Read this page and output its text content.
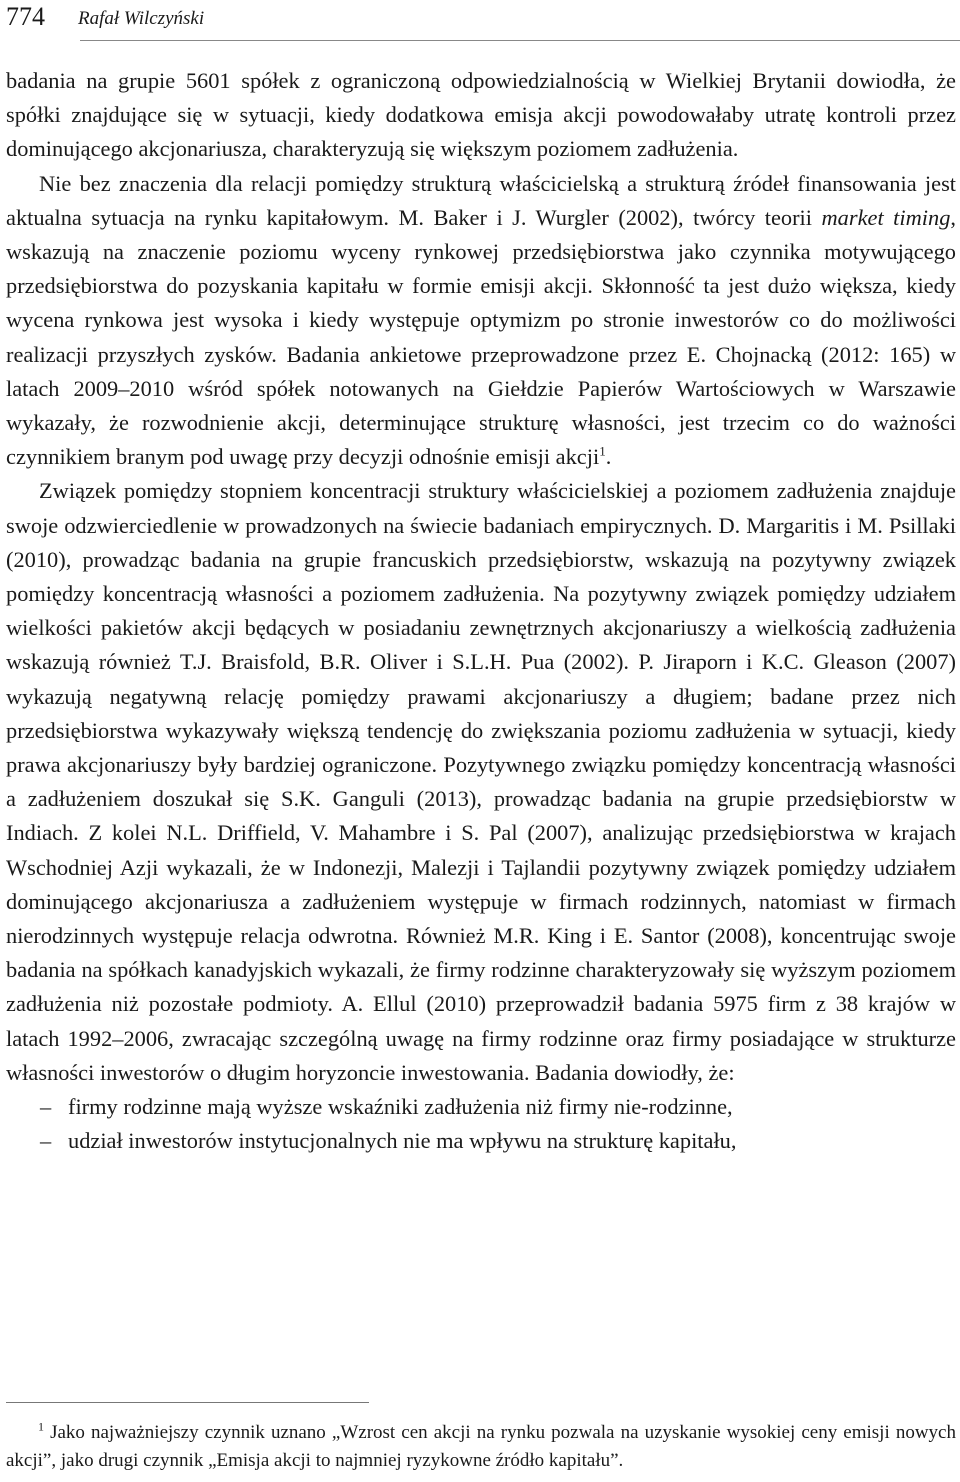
774 Rafał Wilczyński

badania na grupie 5601 spółek z ograniczoną odpowiedzialnością w Wielkiej Brytanii dowiodła, że spółki znajdujące się w sytuacji, kiedy dodatkowa emisja akcji powodowałaby utratę kontroli przez dominującego akcjonariusza, charakteryzują się większym poziomem zadłużenia.

Nie bez znaczenia dla relacji pomiędzy strukturą właścicielską a strukturą źródeł finansowania jest aktualna sytuacja na rynku kapitałowym. M. Baker i J. Wurgler (2002), twórcy teorii market timing, wskazują na znaczenie poziomu wyceny rynkowej przedsiębiorstwa jako czynnika motywującego przedsiębiorstwa do pozyskania kapitału w formie emisji akcji. Skłonność ta jest dużo większa, kiedy wycena rynkowa jest wysoka i kiedy występuje optymizm po stronie inwestorów co do możliwości realizacji przyszłych zysków. Badania ankietowe przeprowadzone przez E. Chojnacką (2012: 165) w latach 2009–2010 wśród spółek notowanych na Giełdzie Papierów Wartościowych w Warszawie wykazały, że rozwodnienie akcji, determinujące strukturę własności, jest trzecim co do ważności czynnikiem branym pod uwagę przy decyzji odnośnie emisji akcji$^1$.

Związek pomiędzy stopniem koncentracji struktury właścicielskiej a poziomem zadłużenia znajduje swoje odzwierciedlenie w prowadzonych na świecie badaniach empirycznych. D. Margaritis i M. Psillaki (2010), prowadząc badania na grupie francuskich przedsiębiorstw, wskazują na pozytywny związek pomiędzy koncentracją własności a poziomem zadłużenia. Na pozytywny związek pomiędzy udziałem wielkości pakietów akcji będących w posiadaniu zewnętrznych akcjonariuszy a wielkością zadłużenia wskazują również T.J. Braisfold, B.R. Oliver i S.L.H. Pua (2002). P. Jiraporn i K.C. Gleason (2007) wykazują negatywną relację pomiędzy prawami akcjonariuszy a długiem; badane przez nich przedsiębiorstwa wykazywały większą tendencję do zwiększania poziomu zadłużenia w sytuacji, kiedy prawa akcjonariuszy były bardziej ograniczone. Pozytywnego związku pomiędzy koncentracją własności a zadłużeniem doszukał się S.K. Ganguli (2013), prowadząc badania na grupie przedsiębiorstw w Indiach. Z kolei N.L. Driffield, V. Mahambre i S. Pal (2007), analizując przedsiębiorstwa w krajach Wschodniej Azji wykazali, że w Indonezji, Malezji i Tajlandii pozytywny związek pomiędzy udziałem dominującego akcjonariusza a zadłużeniem występuje w firmach rodzinnych, natomiast w firmach nierodzinnych występuje relacja odwrotna. Również M.R. King i E. Santor (2008), koncentrując swoje badania na spółkach kanadyjskich wykazali, że firmy rodzinne charakteryzowały się wyższym poziomem zadłużenia niż pozostałe podmioty. A. Ellul (2010) przeprowadził badania 5975 firm z 38 krajów w latach 1992–2006, zwracając szczególną uwagę na firmy rodzinne oraz firmy posiadające w strukturze własności inwestorów o długim horyzoncie inwestowania. Badania dowiodły, że:

– firmy rodzinne mają wyższe wskaźniki zadłużenia niż firmy nie-rodzinne,
– udział inwestorów instytucjonalnych nie ma wpływu na strukturę kapitału,

$^1$ Jako najważniejszy czynnik uznano „Wzrost cen akcji na rynku pozwala na uzyskanie wysokiej ceny emisji nowych akcji”, jako drugi czynnik „Emisja akcji to najmniej ryzykowne źródło kapitału”.
